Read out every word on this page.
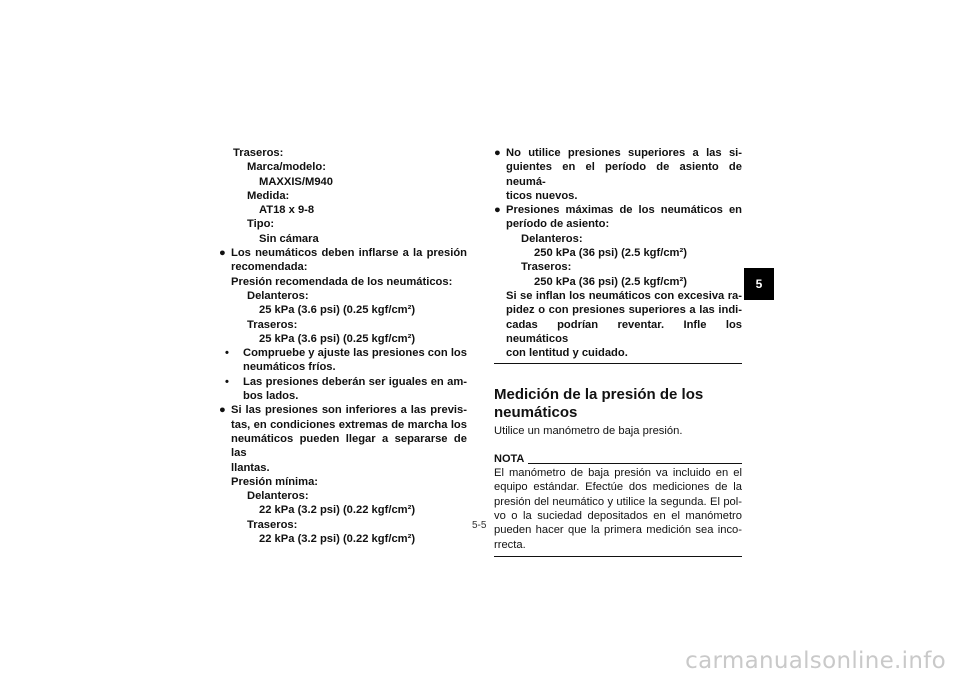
Traseros:
Marca/modelo:
MAXXIS/M940
Medida:
AT18 x 9-8
Tipo:
Sin cámara
● Los neumáticos deben inflarse a la presión
recomendada:
Presión recomendada de los neumáticos:
Delanteros:
25 kPa (3.6 psi) (0.25 kgf/cm²)
Traseros:
25 kPa (3.6 psi) (0.25 kgf/cm²)
• Compruebe y ajuste las presiones con los
neumáticos fríos.
• Las presiones deberán ser iguales en am-
bos lados.
● Si las presiones son inferiores a las previs-
tas, en condiciones extremas de marcha los
neumáticos pueden llegar a separarse de las
llantas.
Presión mínima:
Delanteros:
22 kPa (3.2 psi) (0.22 kgf/cm²)
Traseros:
22 kPa (3.2 psi) (0.22 kgf/cm²)
● No utilice presiones superiores a las si-
guientes en el período de asiento de neumá-
ticos nuevos.
● Presiones máximas de los neumáticos en
período de asiento:
Delanteros:
250 kPa (36 psi) (2.5 kgf/cm²)
Traseros:
250 kPa (36 psi) (2.5 kgf/cm²)
Si se inflan los neumáticos con excesiva ra-
pidez o con presiones superiores a las indi-
cadas podrían reventar. Infle los neumáticos
con lentitud y cuidado.
Medición de la presión de los
neumáticos
Utilice un manómetro de baja presión.
NOTA
El manómetro de baja presión va incluido en el
equipo estándar. Efectúe dos mediciones de la
presión del neumático y utilice la segunda. El pol-
vo o la suciedad depositados en el manómetro
pueden hacer que la primera medición sea inco-
rrecta.
5-5
5
carmanualsonline.info
